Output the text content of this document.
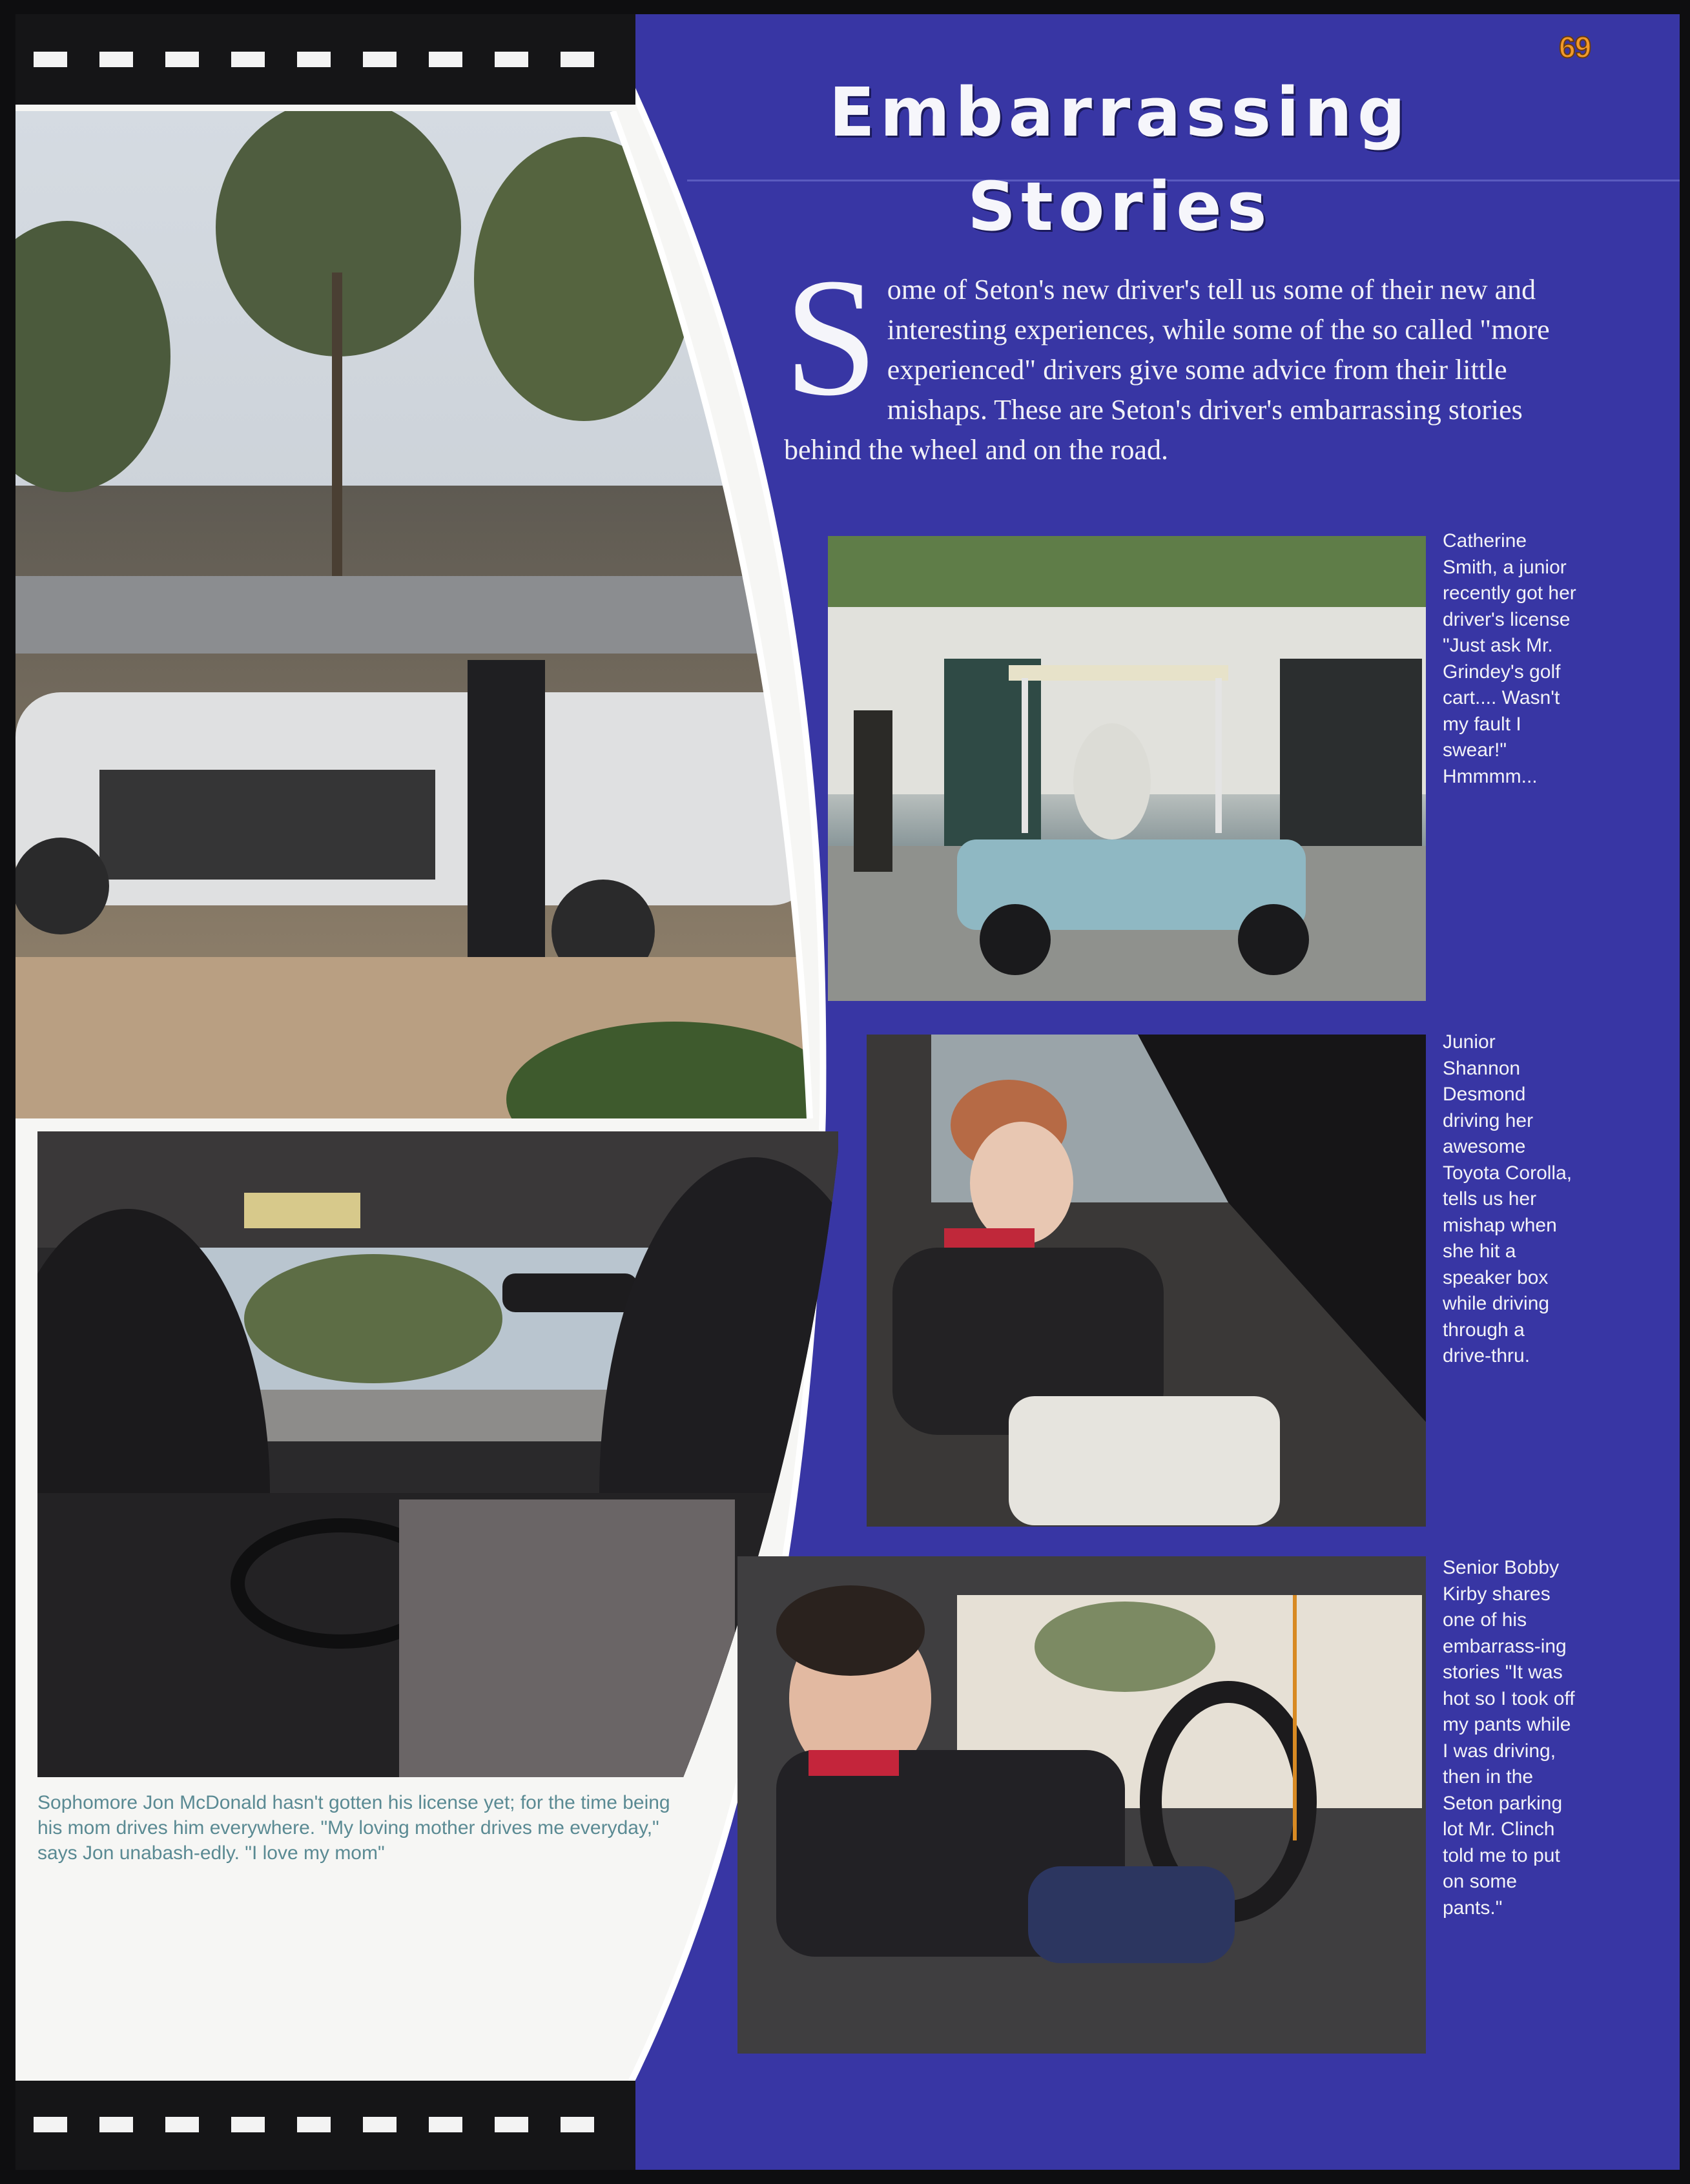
69
Embarrassing
Stories
Some of Seton's new driver's tell us some of their new and interesting experiences, while some of the so called "more experienced" drivers give some advice from their little mishaps. These are Seton's driver's embarrassing stories behind the wheel and on the road.
Catherine Smith, a junior recently got her driver's license "Just ask Mr. Grindey's golf cart.... Wasn't my fault I swear!" Hmmmm...
Junior Shannon Desmond driving her awesome Toyota Corolla, tells us her mishap when she hit a speaker box while driving through a drive-thru.
Senior Bobby Kirby shares one of his embarrass-ing stories "It was hot so I took off my pants while I was driving, then in the Seton parking lot Mr. Clinch told me to put on some pants."
Sophomore Jon McDonald hasn't gotten his license yet; for the time being his mom drives him everywhere. "My loving mother drives me everyday," says Jon unabash-edly. "I love my mom"
